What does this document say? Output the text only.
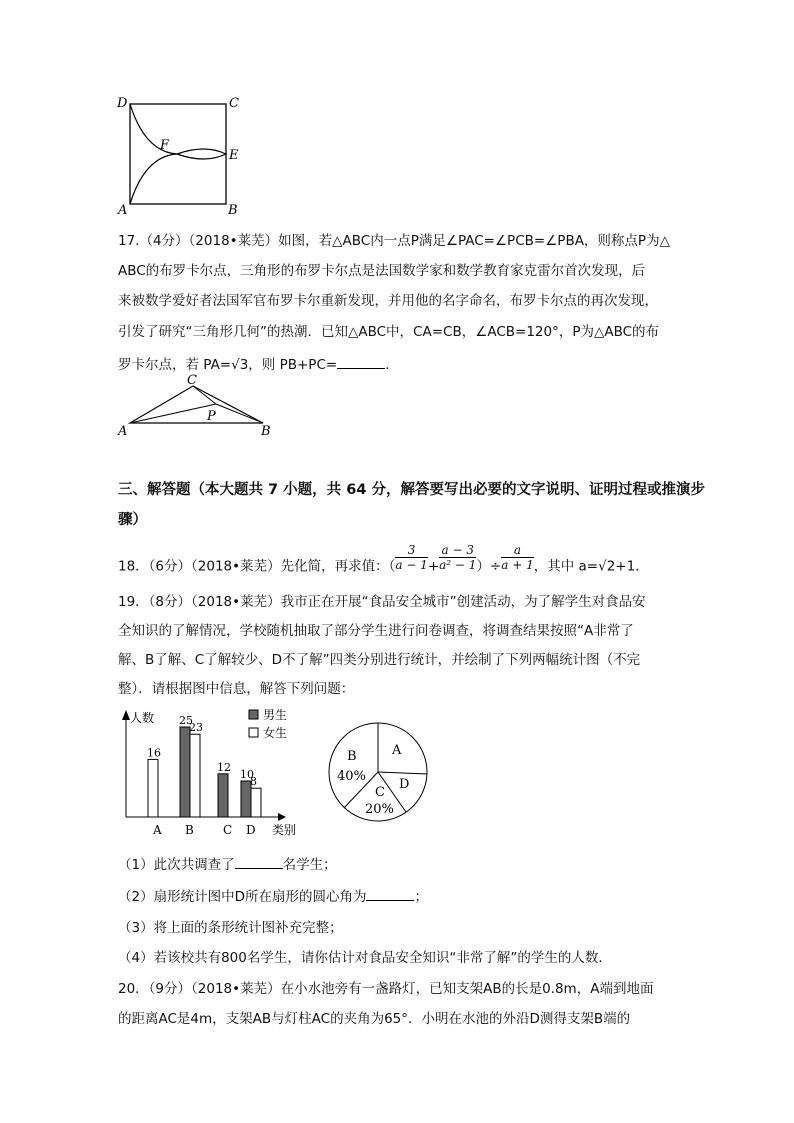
D	C
F
E
A	B
17.（4分）（2018•莱芜）如图，若△ABC内一点P满足∠PAC=∠PCB=∠PBA，则称点P为△
ABC的布罗卡尔点，三角形的布罗卡尔点是法国数学家和数学教育家克雷尔首次发现，后
来被数学爱好者法国军官布罗卡尔重新发现，并用他的名字命名，布罗卡尔点的再次发现，
引发了研究“三角形几何”的热潮．已知△ABC中，CA=CB，∠ACB=120°，P为△ABC的布
罗卡尔点，若 PA=√3，则 PB+PC=	．
C
P
A	B
三、解答题（本大题共 7 小题，共 64 分，解答要写出必要的文字说明、证明过程或推演步
骤）
18．（6分）（2018•莱芜）先化简，再求值：（ $\frac{3}{a - 1} + \frac{a - 3}{\text{a² − 1}}$ ）÷ $\frac{a}{a + 1}$ ，其中 a=√2+1．
19．（8分）（2018•莱芜）我市正在开展“食品安全城市”创建活动，为了解学生对食品安
全知识的了解情况，学校随机抽取了部分学生进行问卷调查，将调查结果按照“A非常了
解、B了解、C了解较少、D不了解”四类分别进行统计，并绘制了下列两幅统计图（不完
整）．请根据图中信息，解答下列问题：
人数
类别
男生
女生
A
16
B
25
23
C
12
D
10
8
A
B
40%
C
20%
D
（1）此次共调查了	名学生；
（2）扇形统计图中D所在扇形的圆心角为	；
（3）将上面的条形统计图补充完整；
（4）若该校共有800名学生，请你估计对食品安全知识“非常了解”的学生的人数．
20．（9分）（2018•莱芜）在小水池旁有一盏路灯，已知支架AB的长是0.8m，A端到地面
的距离AC是4m，支架AB与灯柱AC的夹角为65°．小明在水池的外沿D测得支架B端的
